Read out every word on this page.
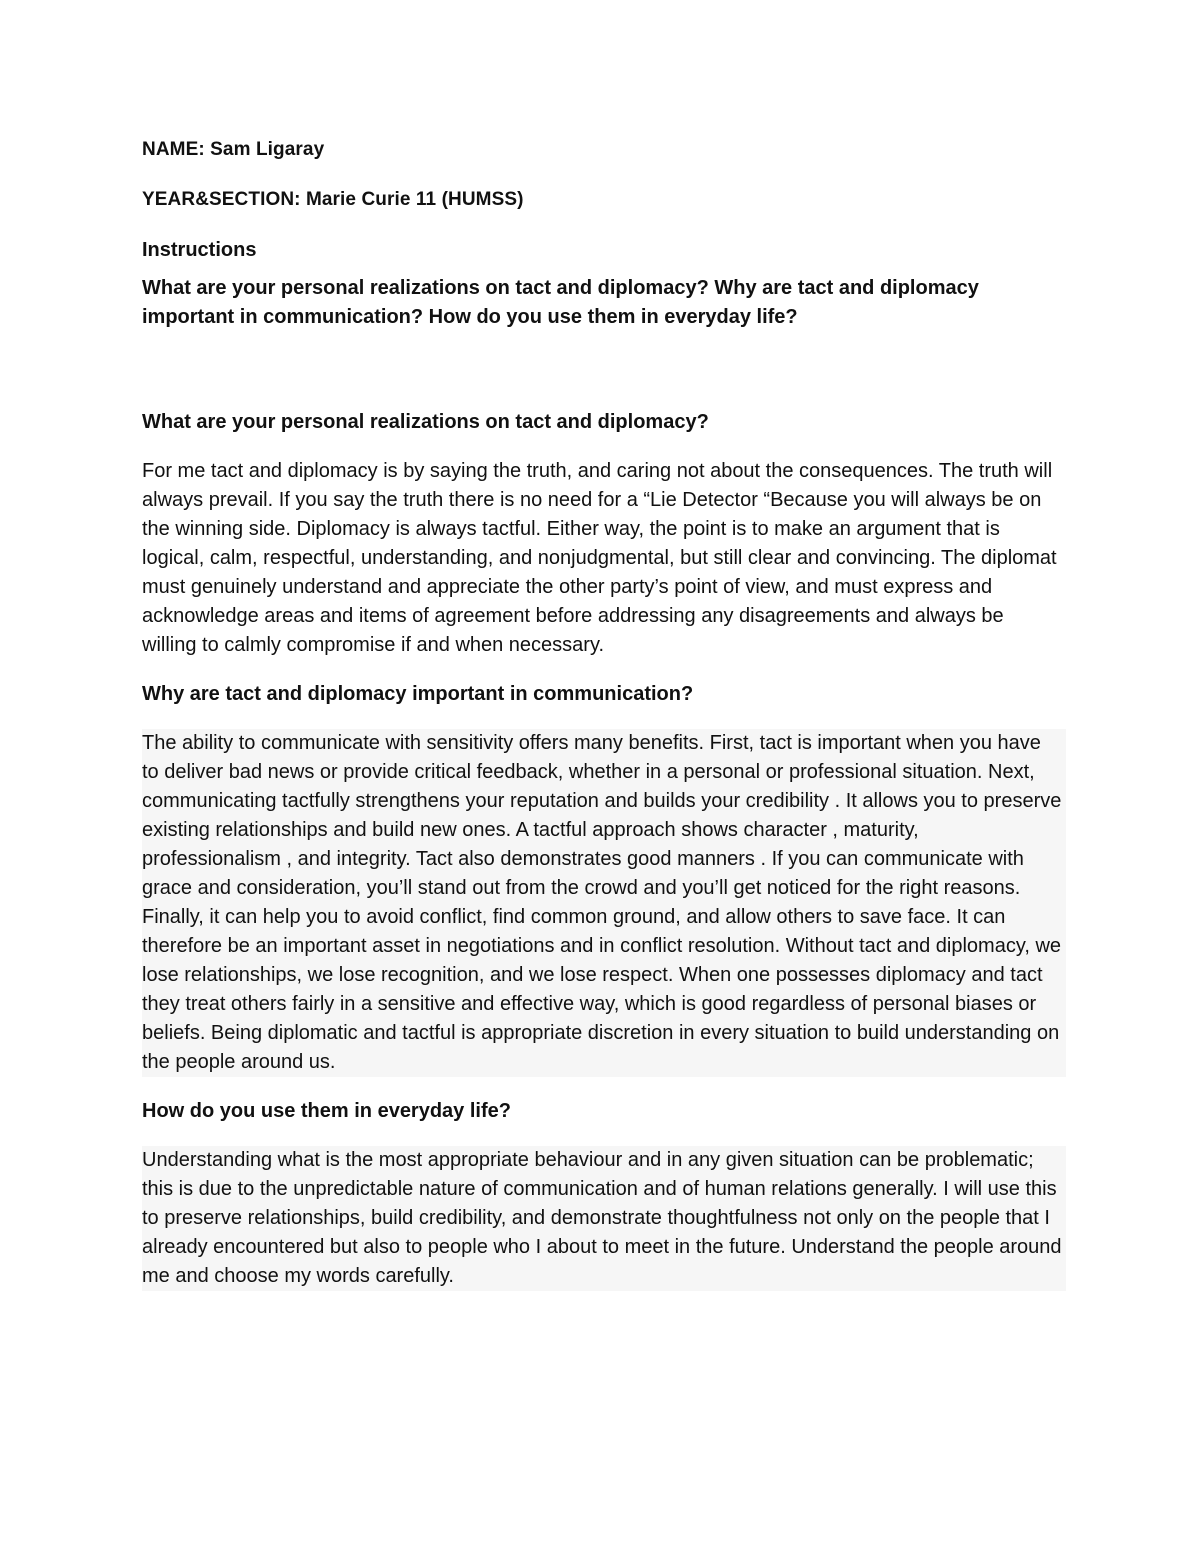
NAME: Sam Ligaray

YEAR&SECTION: Marie Curie 11 (HUMSS)

Instructions

What are your personal realizations on tact and diplomacy? Why are tact and diplomacy important in communication? How do you use them in everyday life?

What are your personal realizations on tact and diplomacy?

For me tact and diplomacy is by saying the truth, and caring not about the consequences. The truth will always prevail. If you say the truth there is no need for a “Lie Detector “Because you will always be on the winning side. Diplomacy is always tactful. Either way, the point is to make an argument that is logical, calm, respectful, understanding, and nonjudgmental, but still clear and convincing. The diplomat must genuinely understand and appreciate the other party’s point of view, and must express and acknowledge areas and items of agreement before addressing any disagreements and always be willing to calmly compromise if and when necessary.

Why are tact and diplomacy important in communication?

The ability to communicate with sensitivity offers many benefits. First, tact is important when you have to deliver bad news or provide critical feedback, whether in a personal or professional situation. Next, communicating tactfully strengthens your reputation and builds your credibility . It allows you to preserve existing relationships and build new ones. A tactful approach shows character , maturity, professionalism , and integrity. Tact also demonstrates good manners . If you can communicate with grace and consideration, you’ll stand out from the crowd and you’ll get noticed for the right reasons. Finally, it can help you to avoid conflict, find common ground, and allow others to save face. It can therefore be an important asset in negotiations and in conflict resolution. Without tact and diplomacy, we lose relationships, we lose recognition, and we lose respect. When one possesses diplomacy and tact they treat others fairly in a sensitive and effective way, which is good regardless of personal biases or beliefs. Being diplomatic and tactful is appropriate discretion in every situation to build understanding on the people around us.

How do you use them in everyday life?

Understanding what is the most appropriate behaviour and in any given situation can be problematic; this is due to the unpredictable nature of communication and of human relations generally. I will use this to preserve relationships, build credibility, and demonstrate thoughtfulness not only on the people that I already encountered but also to people who I about to meet in the future. Understand the people around me and choose my words carefully.
